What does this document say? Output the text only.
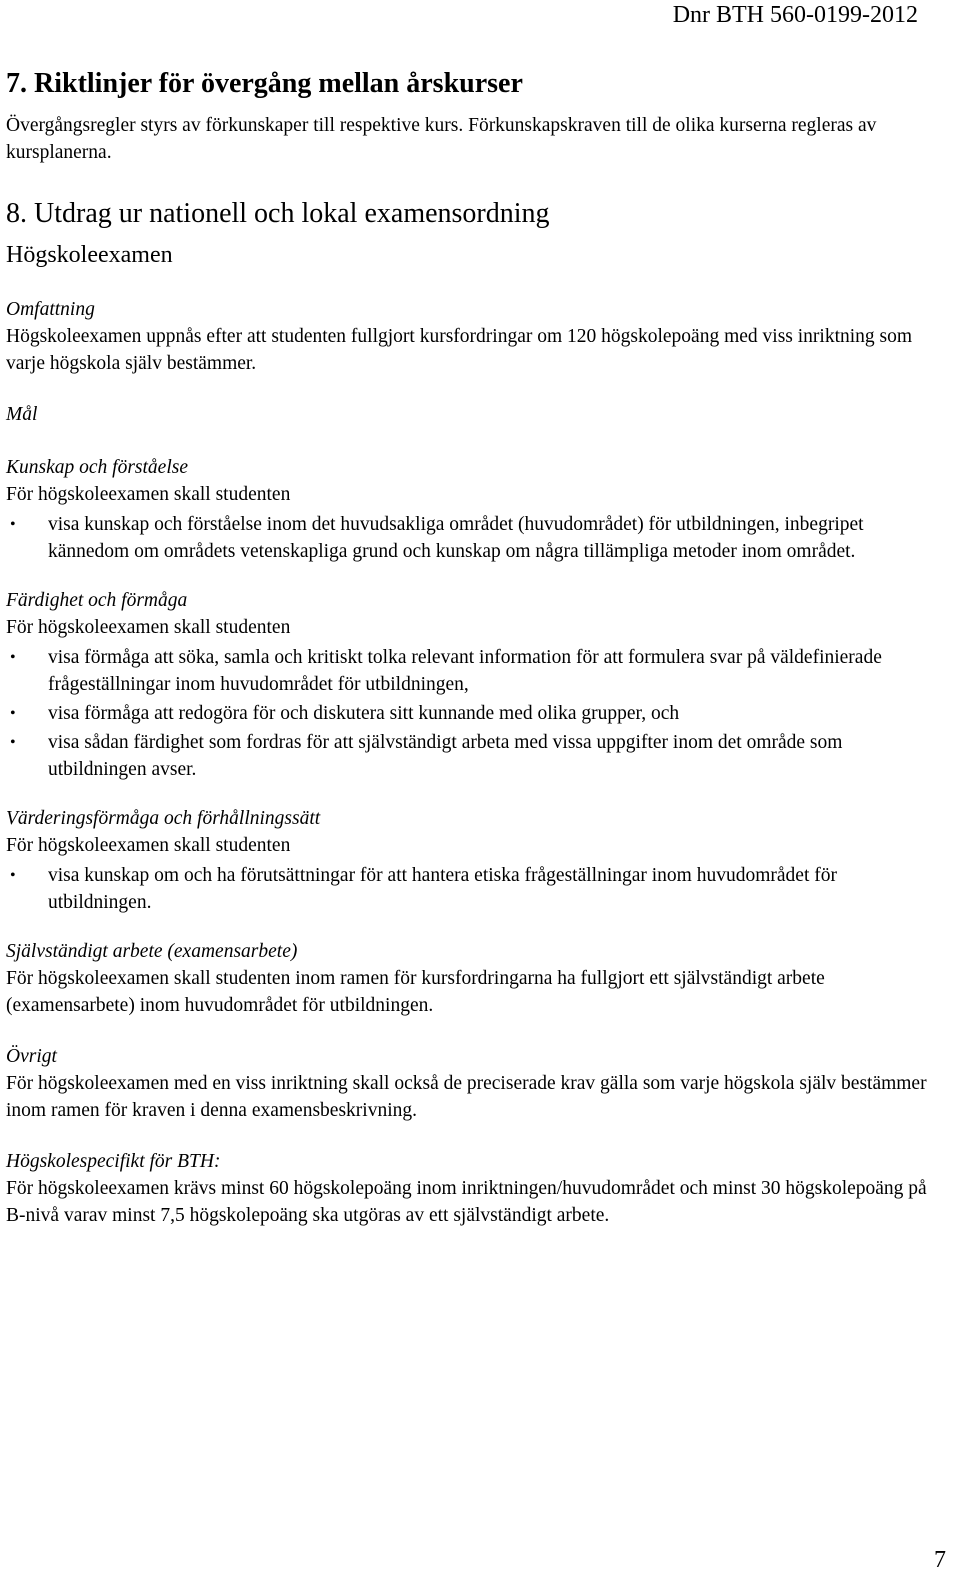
Dnr BTH 560-0199-2012
7. Riktlinjer för övergång mellan årskurser

Övergångsregler styrs av förkunskaper till respektive kurs. Förkunskapskraven till de olika kurserna regleras av kursplanerna.

8. Utdrag ur nationell och lokal examensordning
Högskoleexamen

Omfattning

Högskoleexamen uppnås efter att studenten fullgjort kursfordringar om 120 högskolepoäng med viss inriktning som varje högskola själv bestämmer.

Mål

Kunskap och förståelse

För högskoleexamen skall studenten

• visa kunskap och förståelse inom det huvudsakliga området (huvudområdet) för utbildningen, inbegripet kännedom om områdets vetenskapliga grund och kunskap om några tillämpliga metoder inom området.

Färdighet och förmåga

För högskoleexamen skall studenten

• visa förmåga att söka, samla och kritiskt tolka relevant information för att formulera svar på väldefinierade frågeställningar inom huvudområdet för utbildningen,
• visa förmåga att redogöra för och diskutera sitt kunnande med olika grupper, och
• visa sådan färdighet som fordras för att självständigt arbeta med vissa uppgifter inom det område som utbildningen avser.

Värderingsförmåga och förhållningssätt

För högskoleexamen skall studenten

• visa kunskap om och ha förutsättningar för att hantera etiska frågeställningar inom huvudområdet för utbildningen.

Självständigt arbete (examensarbete)

För högskoleexamen skall studenten inom ramen för kursfordringarna ha fullgjort ett självständigt arbete (examensarbete) inom huvudområdet för utbildningen.

Övrigt

För högskoleexamen med en viss inriktning skall också de preciserade krav gälla som varje högskola själv bestämmer inom ramen för kraven i denna examensbeskrivning.

Högskolespecifikt för BTH:

För högskoleexamen krävs minst 60 högskolepoäng inom inriktningen/huvudområdet och minst 30 högskolepoäng på B-nivå varav minst 7,5 högskolepoäng ska utgöras av ett självständigt arbete.

7
